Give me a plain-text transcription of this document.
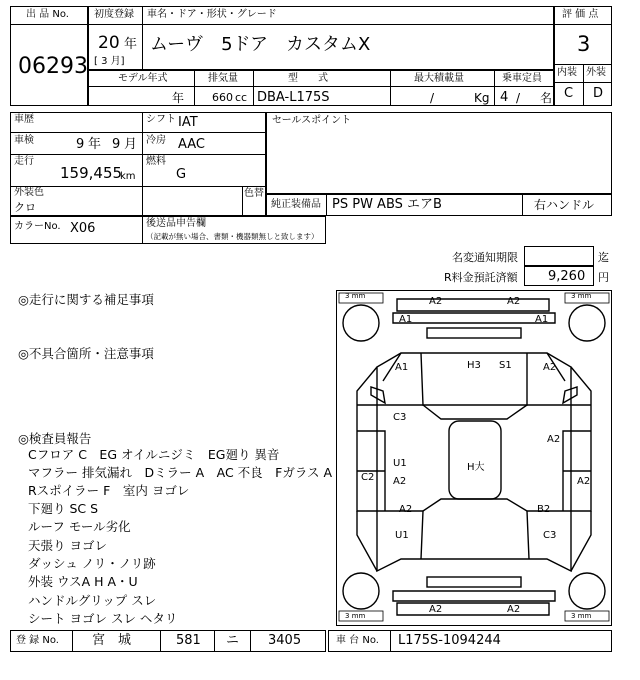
出 品 No.
06293
初度登録 車名・ドア・形状・グレード
20 年
[ 3 月]
ムーヴ　5ドア　カスタムX
評 価 点
3
内装 外装
C D
モデル年式	排気量	型　　式	最大積載量	乗車定員
年	660 cc DBA-L175S	/	Kg 4 / 名
車歴	シフト IAT
車検	9 年 9 月 冷房 AAC
走行
159,455
km
燃料
G
外装色
クロ
セールスポイント
色替
純正装備品 PS PW ABS エアB	右ハンドル
カラーNo. X06	後送品申告欄
（記載が無い場合、書類・機器類無しと致します）
名変通知期限	迄
R料金預託済額 9,260 円
◎走行に関する補足事項
◎不具合箇所・注意事項
◎検査員報告
Cフロア C　EG オイルニジミ　EG廻り 異音
マフラー 排気漏れ　Dミラー A　AC 不良　Fガラス A
Rスポイラー F　室内 ヨゴレ
下廻り SC S
ルーフ モール劣化
天張り ヨゴレ
ダッシュ ノリ・ノリ跡
外装 ウスA H A・U
ハンドルグリップ スレ
シート ヨゴレ スレ ヘタリ
3 mm	3 mm
3 mm	3 mm
A2	A2
A1	A1
A1	H3 S1	A2
C3
A2
C2
U1
A2
H大
A2
A2	B2
U1	C3
A2	A2
登 録 No.	宮　城	581 ニ 3405	車 台 No. L175S-1094244
